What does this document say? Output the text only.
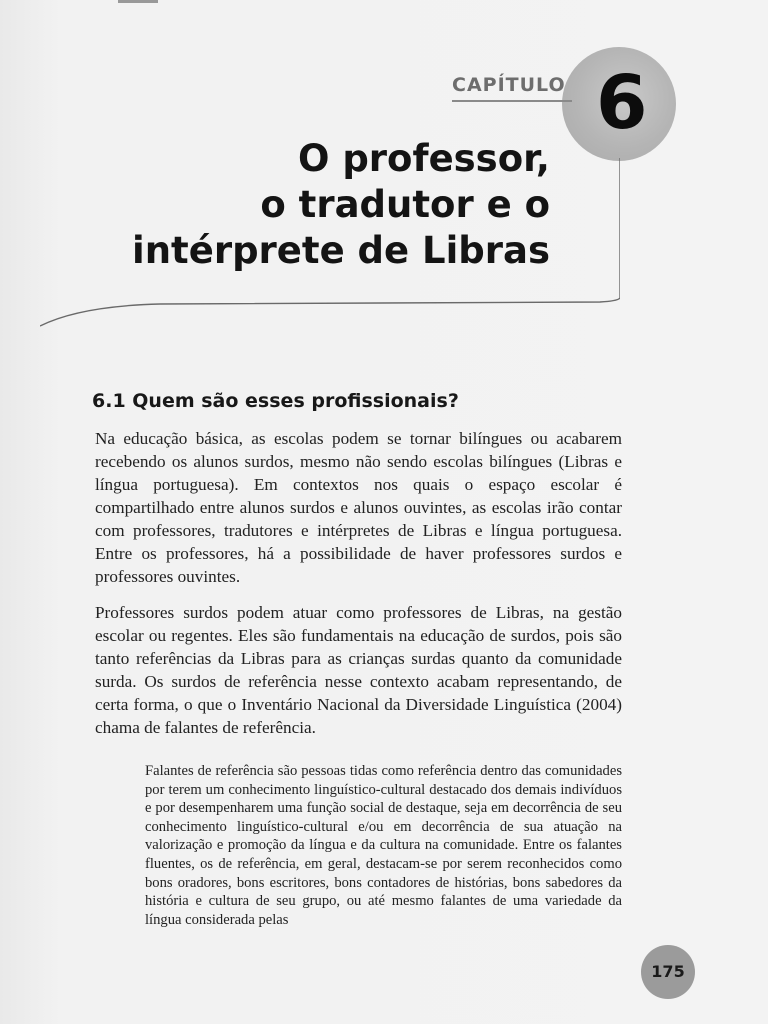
6
CAPÍTULO
O professor,
o tradutor e o
intérprete de Libras
6.1 Quem são esses profissionais?

Na educação básica, as escolas podem se tornar bilíngues ou acabarem recebendo os alunos surdos, mesmo não sendo escolas bilíngues (Libras e língua portuguesa). Em contextos nos quais o espaço escolar é compartilhado entre alunos surdos e alunos ouvintes, as escolas irão contar com professores, tradutores e intérpretes de Libras e língua portuguesa. Entre os professores, há a possibilidade de haver professores surdos e professores ouvintes.

Professores surdos podem atuar como professores de Libras, na gestão escolar ou regentes. Eles são fundamentais na educação de surdos, pois são tanto referências da Libras para as crianças surdas quanto da comunidade surda. Os surdos de referência nesse contexto acabam representando, de certa forma, o que o Inventário Nacional da Diversidade Linguística (2004) chama de falantes de referência.

Falantes de referência são pessoas tidas como referência dentro das comunidades por terem um conhecimento linguístico-cultural destacado dos demais indivíduos e por desempenharem uma função social de destaque, seja em decorrência de seu conhecimento linguístico-cultural e/ou em decorrência de sua atuação na valorização e promoção da língua e da cultura na comunidade. Entre os falantes fluentes, os de referência, em geral, destacam-se por serem reconhecidos como bons oradores, bons escritores, bons contadores de histórias, bons sabedores da história e cultura de seu grupo, ou até mesmo falantes de uma variedade da língua considerada pelas

175
